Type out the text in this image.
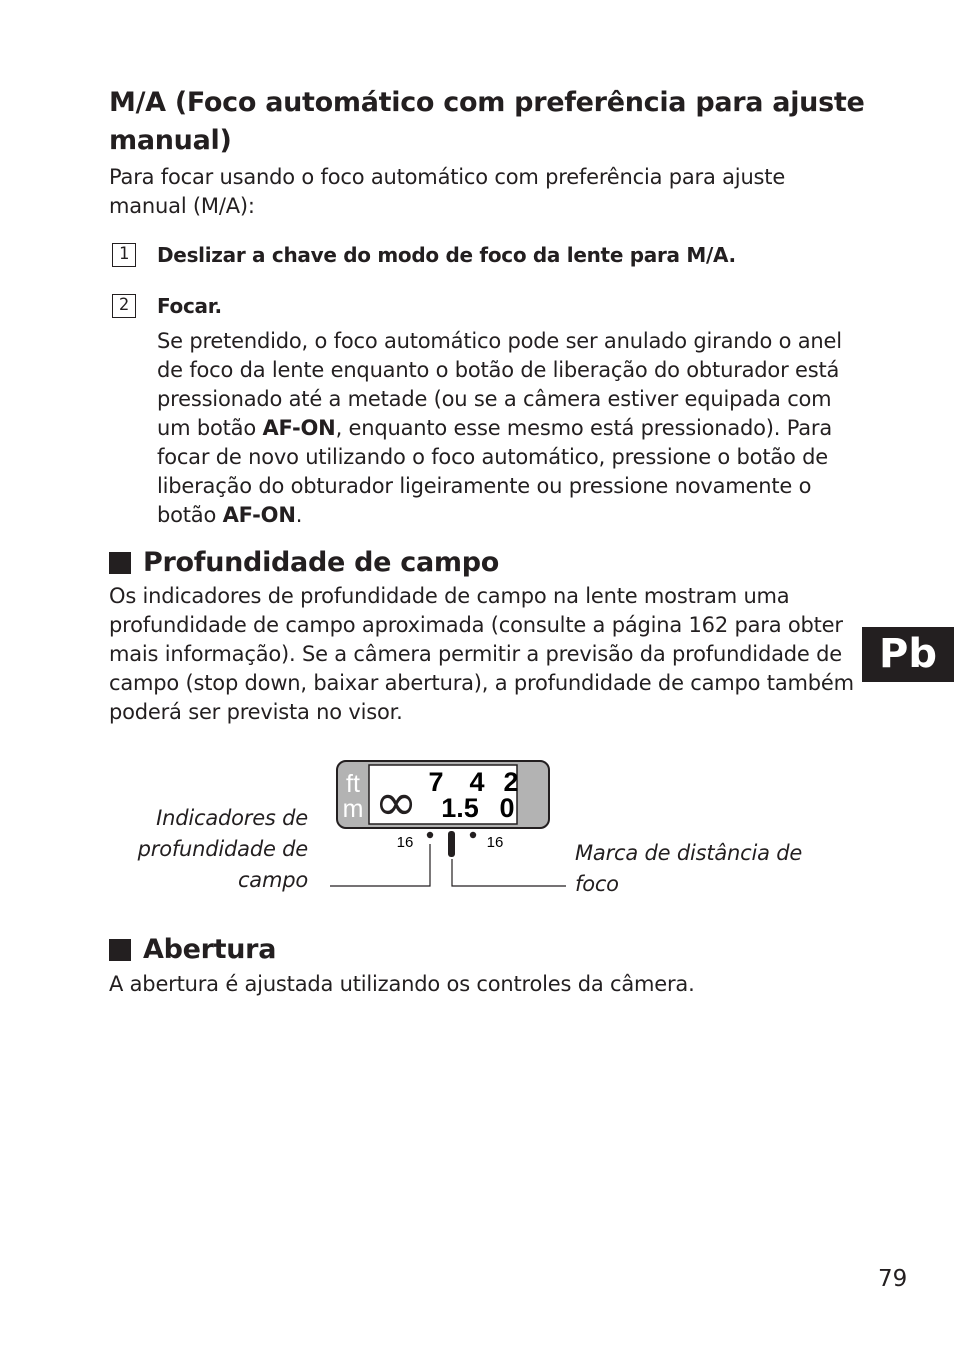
M/A (Foco automático com preferência para ajuste manual)
Para focar usando o foco automático com preferência para ajuste manual (M/A):
1	Deslizar a chave do modo de foco da lente para M/A.
2	Focar.
Se pretendido, o foco automático pode ser anulado girando o anel de foco da lente enquanto o botão de liberação do obturador está pressionado até a metade (ou se a câmera estiver equipada com um botão AF-ON, enquanto esse mesmo está pressionado). Para focar de novo utilizando o foco automático, pressione o botão de liberação do obturador ligeiramente ou pressione novamente o botão AF-ON.
Profundidade de campo
Os indicadores de profundidade de campo na lente mostram uma profundidade de campo aproximada (consulte a página 162 para obter mais informação). Se a câmera permitir a previsão da profundidade de campo (stop down, baixar abertura), a profundidade de campo também poderá ser prevista no visor.
Pb
ft
m
7 4 2
∞ 1.5 0
16	16
Indicadores de profundidade de campo
Marca de distância de foco
Abertura
A abertura é ajustada utilizando os controles da câmera.
79
